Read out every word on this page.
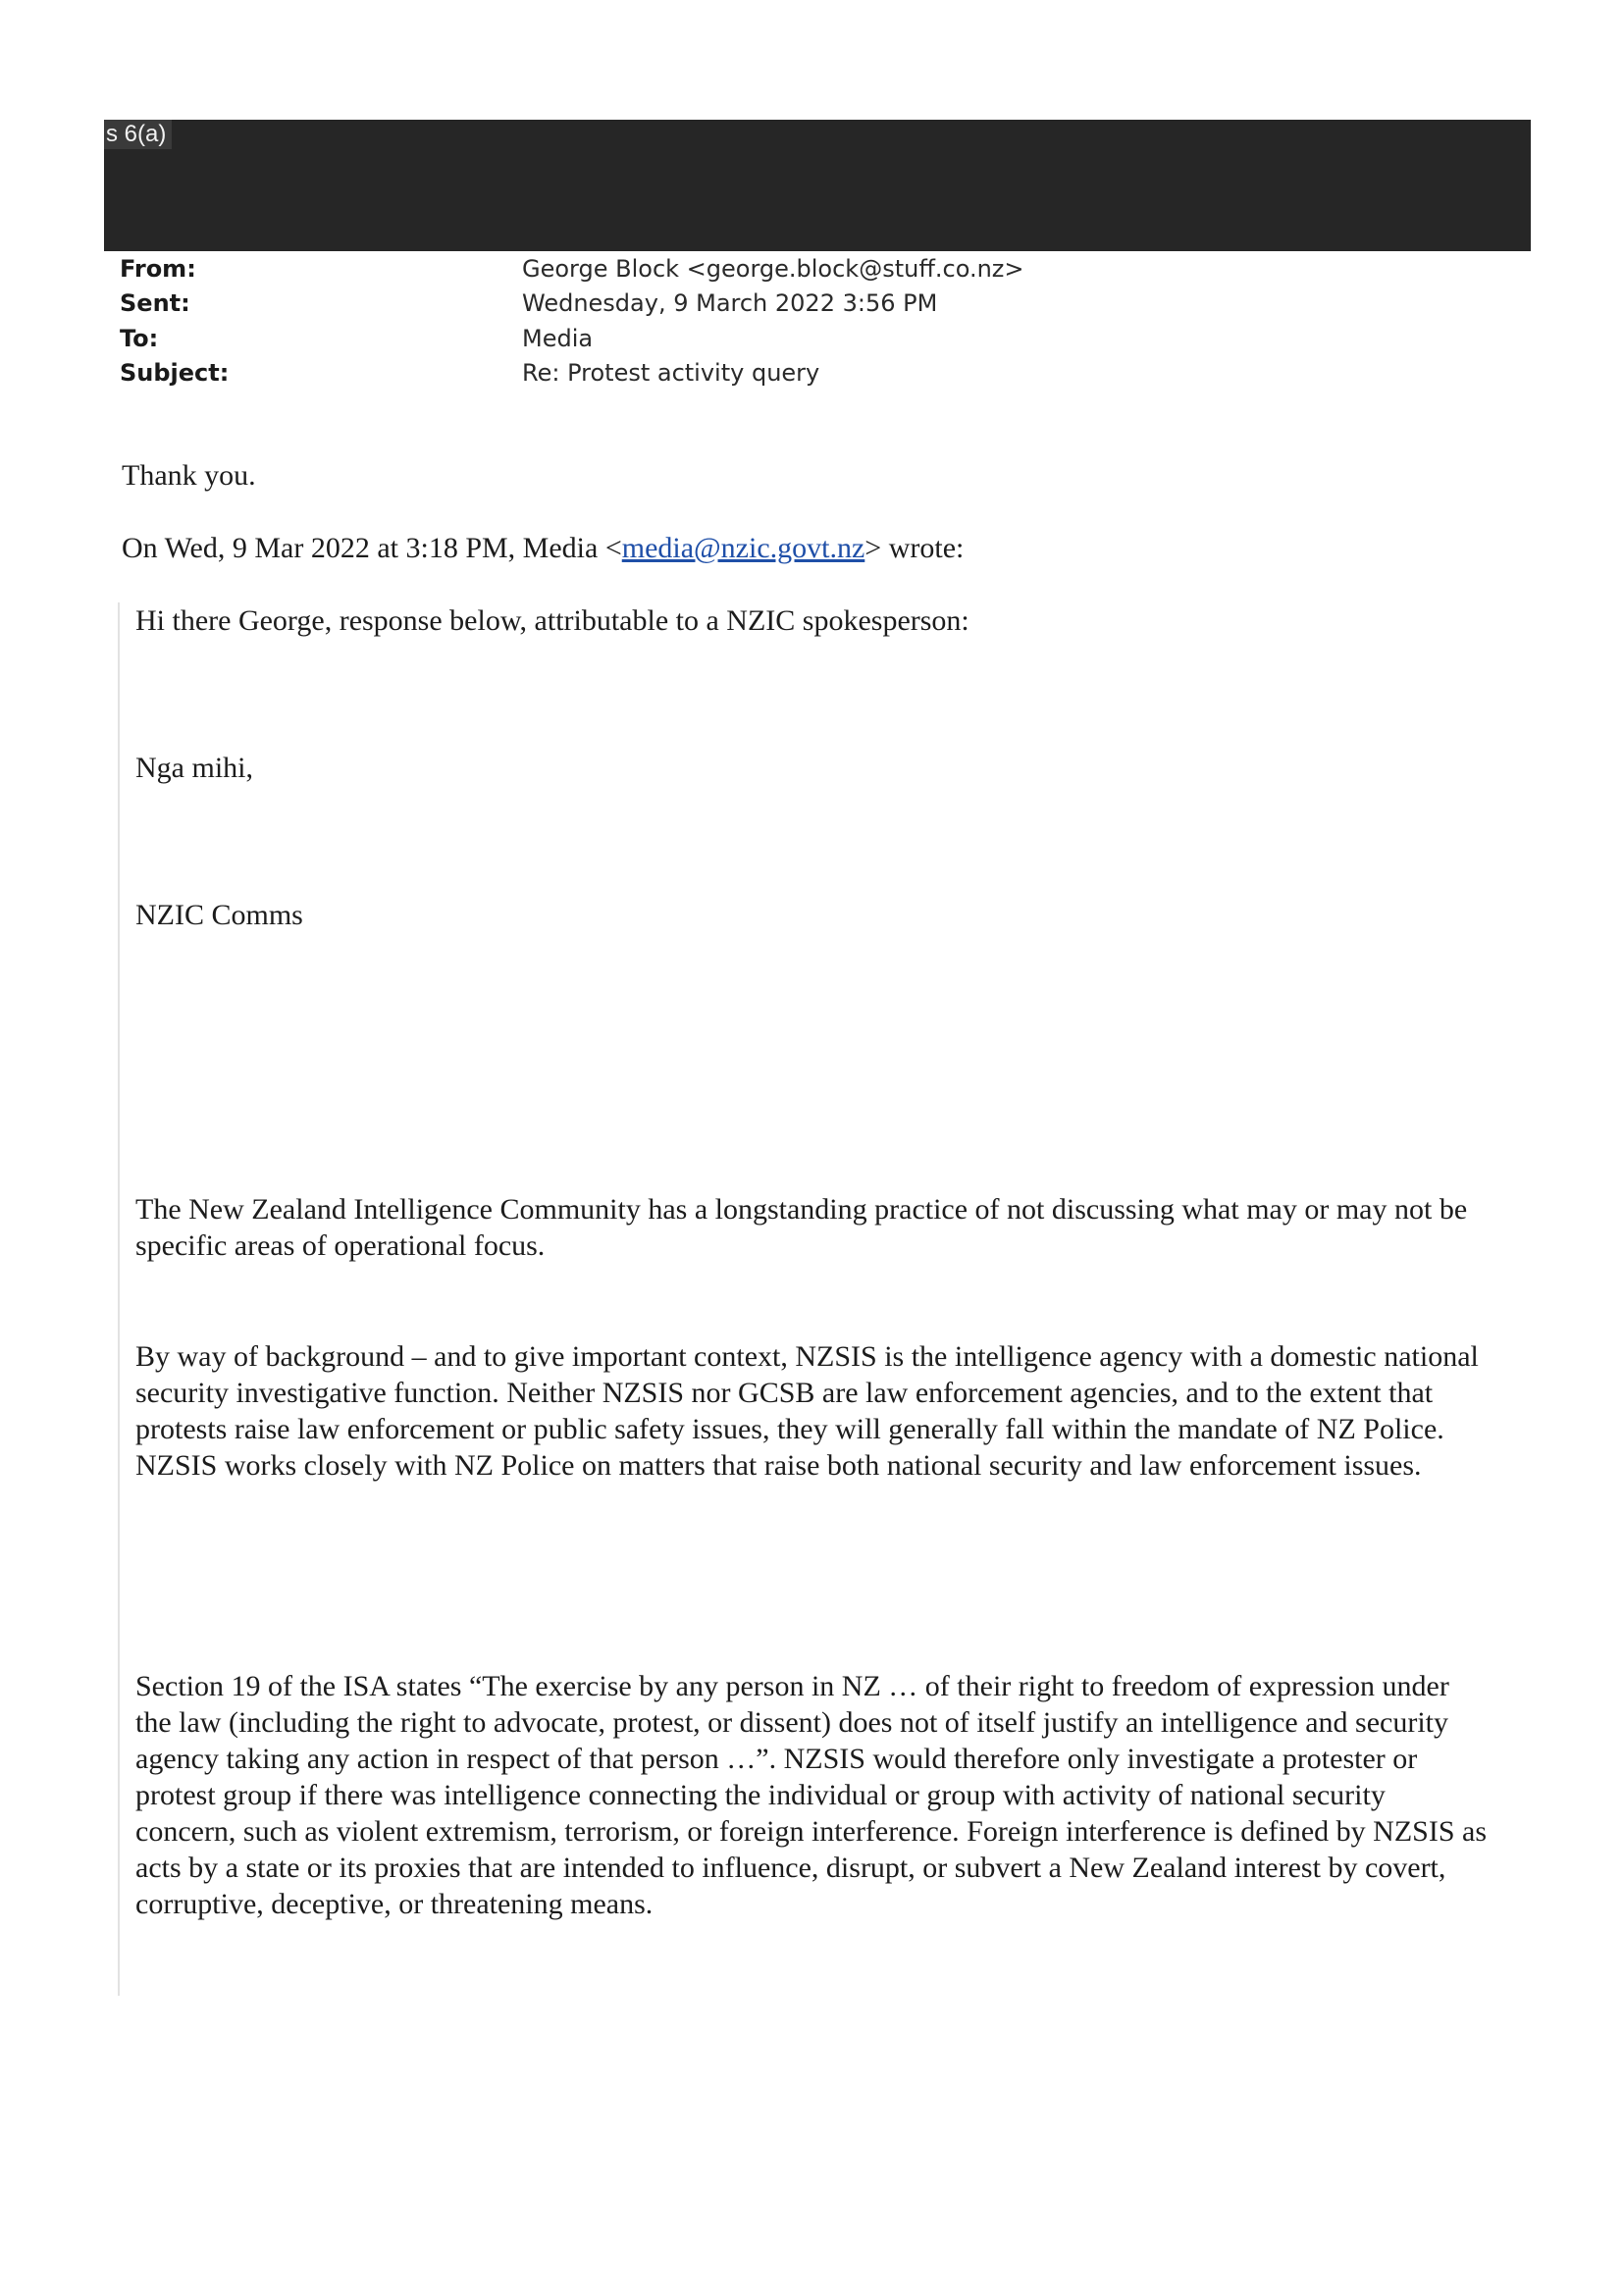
s 6(a)
From:	George Block <george.block@stuff.co.nz>
Sent:	Wednesday, 9 March 2022 3:56 PM
To:	Media
Subject:	Re: Protest activity query
Thank you.
On Wed, 9 Mar 2022 at 3:18 PM, Media <media@nzic.govt.nz> wrote:
Hi there George, response below, attributable to a NZIC spokesperson:
Nga mihi,
NZIC Comms
The New Zealand Intelligence Community has a longstanding practice of not discussing what may or may not be specific areas of operational focus.
By way of background – and to give important context, NZSIS is the intelligence agency with a domestic national security investigative function. Neither NZSIS nor GCSB are law enforcement agencies, and to the extent that protests raise law enforcement or public safety issues, they will generally fall within the mandate of NZ Police. NZSIS works closely with NZ Police on matters that raise both national security and law enforcement issues.
Section 19 of the ISA states “The exercise by any person in NZ … of their right to freedom of expression under the law (including the right to advocate, protest, or dissent) does not of itself justify an intelligence and security agency taking any action in respect of that person …”. NZSIS would therefore only investigate a protester or protest group if there was intelligence connecting the individual or group with activity of national security concern, such as violent extremism, terrorism, or foreign interference. Foreign interference is defined by NZSIS as acts by a state or its proxies that are intended to influence, disrupt, or subvert a New Zealand interest by covert, corruptive, deceptive, or threatening means.
